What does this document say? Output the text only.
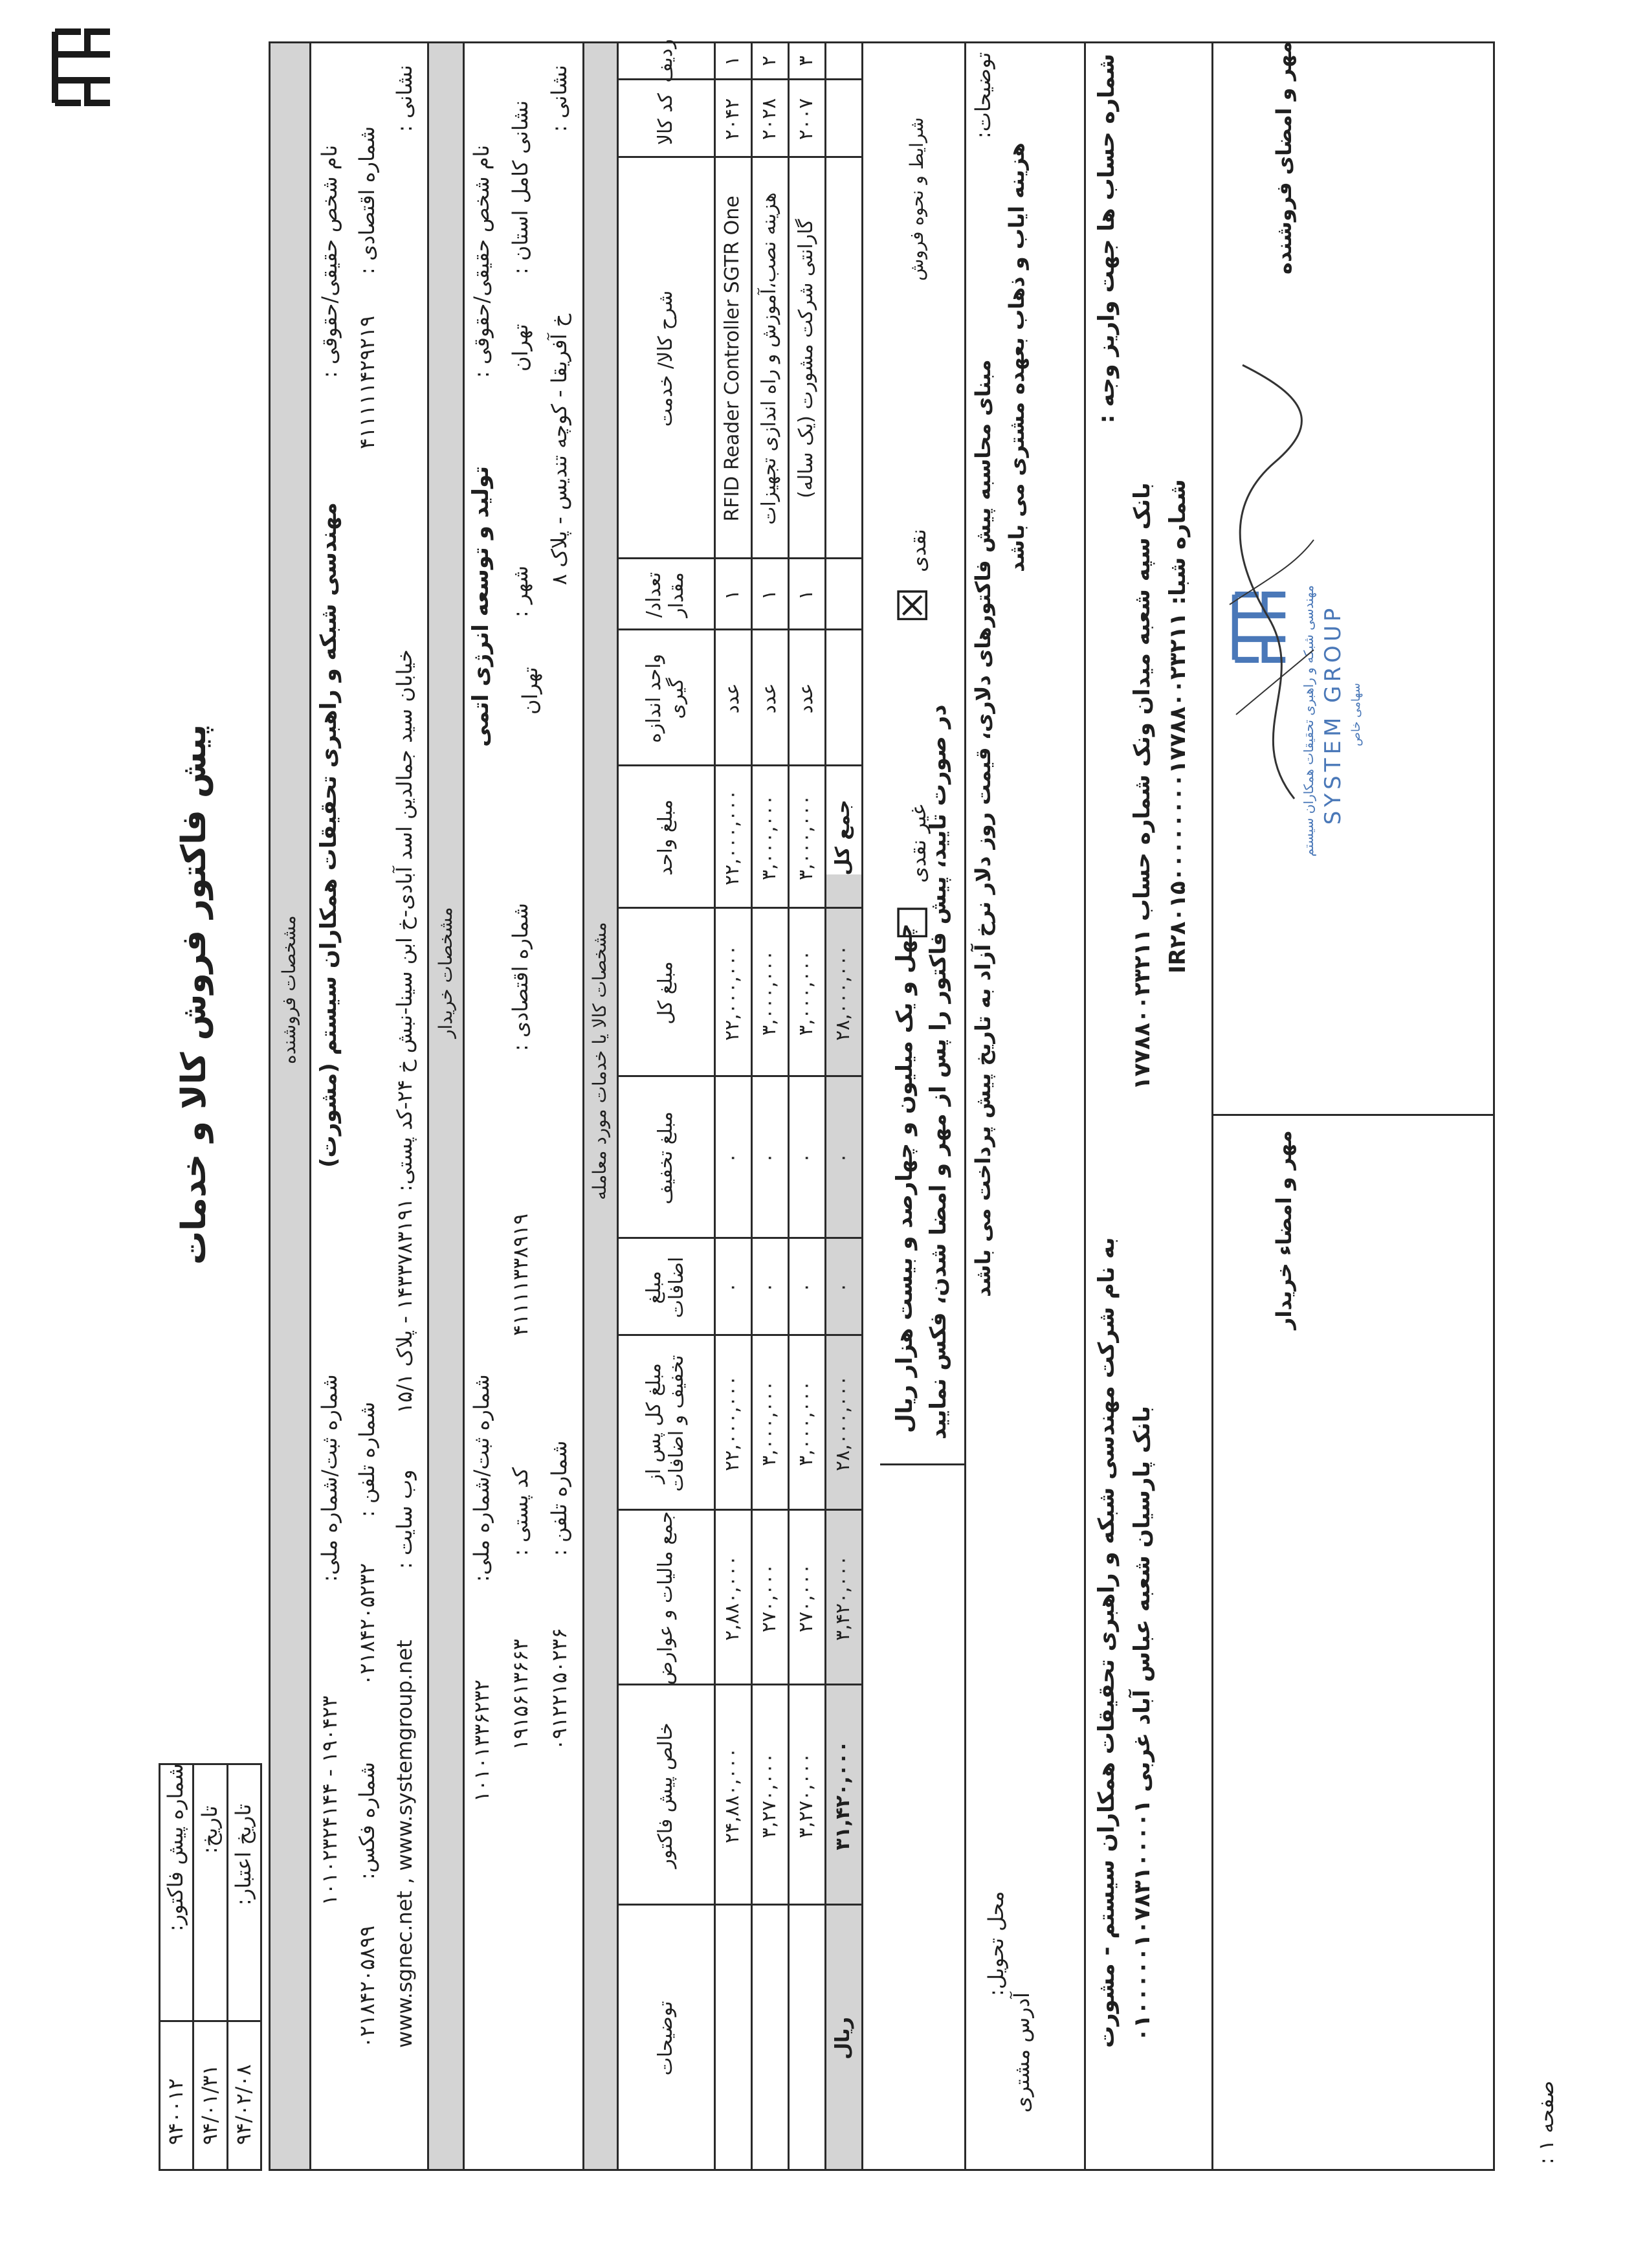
پیش فاکتور فروش کالا و خدمات
شماره پیش فاکتور:
۹۴۰۰۱۲
تاریخ:
۹۴/۰۱/۳۱
تاریخ اعتبار:
۹۴/۰۲/۰۸
مشخصات فروشنده
نام شخص حقیقی/حقوقی :
مهندسی شبکه و راهبری تحقیقات همکاران سیستم (مشورت)
شماره ثبت/شماره ملی:
۱۰۱۰۲۳۲۴۱۴۴ - ۱۹۰۴۲۳
شماره اقتصادی :
۴۱۱۱۱۱۴۲۹۲۱۹
شماره تلفن :
۰۲۱۸۴۲۰۵۲۳۲
شماره فکس:
۰۲۱۸۴۲۰۵۸۹۹
نشانی :
خیابان سید جمالدین اسد آبادی-خ ابن سینا-نبش خ ۲۴-کد پستی: ۱۴۳۳۷۸۳۱۹۱ - پلاک ۱۵/۱
وب سایت :
www.sgnec.net , www.systemgroup.net
مشخصات خریدار
نام شخص حقیقی/حقوقی :
تولید و توسعه انرژی اتمی
شماره ثبت/شماره ملی:
۱۰۱۰۱۳۳۶۲۳۲
نشانی کامل استان :
تهران
شهر :
تهران
شماره اقتصادی :
۴۱۱۱۱۳۳۸۹۱۹
کد پستی :
۱۹۱۵۶۱۳۶۶۳
نشانی :
خ آفریقا - کوچه تندیس - پلاک ۸
شماره تلفن :
۰۹۱۲۲۱۵۰۲۳۶
مشخصات کالا یا خدمات مورد معامله
ردیف
کد کالا
شرح کالا/ خدمت
تعداد/ مقدار
واحد اندازه گیری
مبلغ واحد
مبلغ کل
مبلغ تخفیف
مبلغ اضافات
مبلغ کل پس از تخفیف و اضافات
جمع مالیات و عوارض
خالص پیش فاکتور
توضیحات
۱
۲۰۴۲
RFID Reader Controller SGTR One
۱
عدد
۲۲,۰۰۰,۰۰۰
۲۲,۰۰۰,۰۰۰
۰
۰
۲۲,۰۰۰,۰۰۰
۲,۸۸۰,۰۰۰
۲۴,۸۸۰,۰۰۰
۲
۲۰۲۸
هزینه نصب،آموزش و راه اندازی تجهیزات
۱
عدد
۳,۰۰۰,۰۰۰
۳,۰۰۰,۰۰۰
۰
۰
۳,۰۰۰,۰۰۰
۲۷۰,۰۰۰
۳,۲۷۰,۰۰۰
۳
۲۰۰۷
گارانتی شرکت مشورت (یک ساله)
۱
عدد
۳,۰۰۰,۰۰۰
۳,۰۰۰,۰۰۰
۰
۰
۳,۰۰۰,۰۰۰
۲۷۰,۰۰۰
۳,۲۷۰,۰۰۰
جمع کل
۲۸,۰۰۰,۰۰۰
۰
۰
۲۸,۰۰۰,۰۰۰
۳,۴۲۰,۰۰۰
۳۱,۴۲۰,۰۰۰
ریال
چهل و یک میلیون و چهارصد و بیست هزار ریال در صورت تایید، پیش فاکتور را پس از مهر و امضا شدن، فکس نمایید
شرایط و نحوه فروش
نقدی
☒
غیر نقدی
☐
توضیحات:
مبنای محاسبه پیش فاکتورهای دلاری، قیمت روز دلار نرخ آزاد به تاریخ پیش پرداخت می باشد
هزینه ایاب و ذهاب بعهده مشتری می باشد
محل تحویل:
آدرس مشتری
به نام شرکت مهندسی شبکه و راهبری تحقیقات همکاران سیستم - مشورت بانک پارسیان شعبه عباس آباد غربی ۰۱۰۰۰۰۰۱۰۷۸۳۱۰۰۰۰۱
شماره حساب ها جهت واریز وجه :
بانک سپه شعبه میدان ونک شماره حساب ۱۷۷۸۸۰۰۲۳۲۱۱ شماره شبا: IR۲۸۰۱۵۰۰۰۰۰۰۰۰۱۷۷۸۸۰۰۲۳۲۱۱
مهر و امضای فروشنده
مهر و امضاء خریدار
مهندسی شبکه و راهبری تحقیقات همکاران سیستم SYSTEM GROUP سهامی خاص
صفحه ۱ :
